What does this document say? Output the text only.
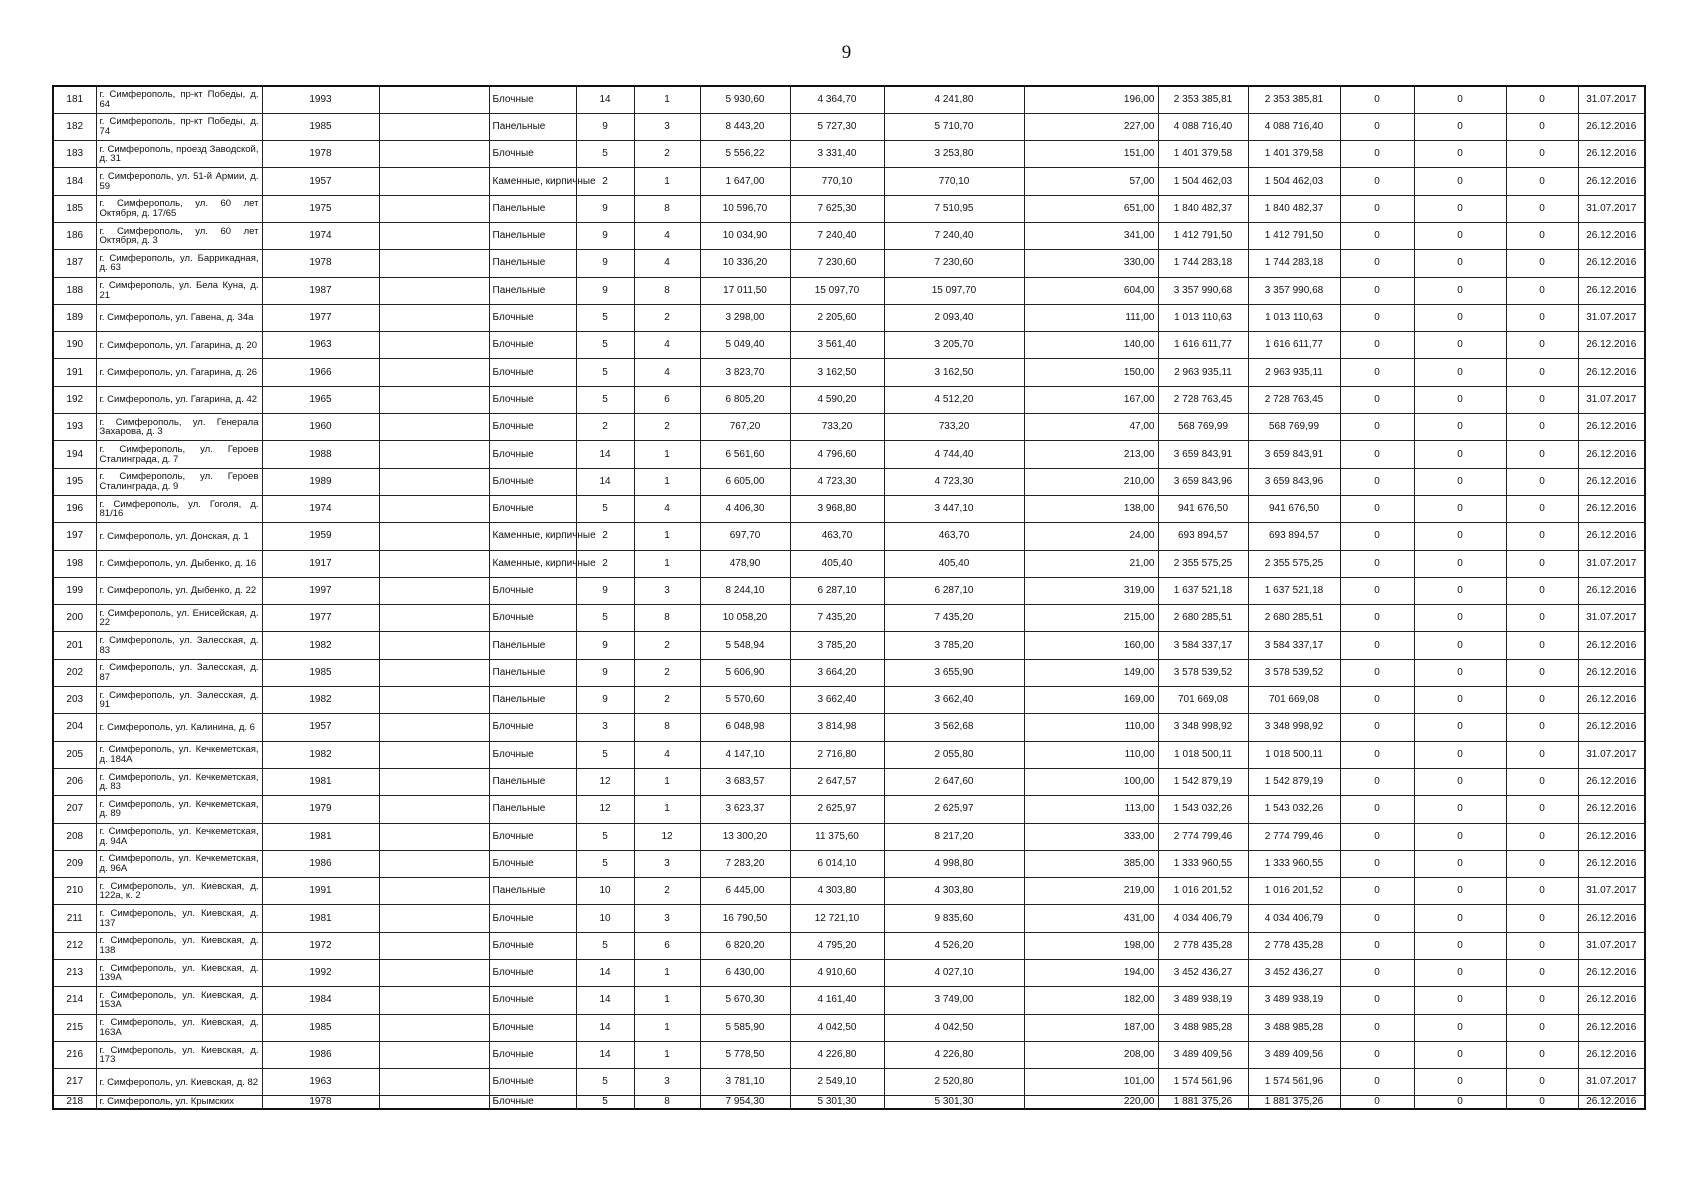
9
181	г. Симферополь, пр-кт Победы, д. 64	1993		Блочные	14	1	5 930,60	4 364,70	4 241,80	196,00	2 353 385,81	2 353 385,81	0	0	0	31.07.2017
182	г. Симферополь, пр-кт Победы, д. 74	1985		Панельные	9	3	8 443,20	5 727,30	5 710,70	227,00	4 088 716,40	4 088 716,40	0	0	0	26.12.2016
183	г. Симферополь, проезд Заводской, д. 31	1978		Блочные	5	2	5 556,22	3 331,40	3 253,80	151,00	1 401 379,58	1 401 379,58	0	0	0	26.12.2016
184	г. Симферополь, ул. 51-й Армии, д. 59	1957		Каменные, кирпичные	2	1	1 647,00	770,10	770,10	57,00	1 504 462,03	1 504 462,03	0	0	0	26.12.2016
185	г. Симферополь, ул. 60 лет Октября, д. 17/65	1975		Панельные	9	8	10 596,70	7 625,30	7 510,95	651,00	1 840 482,37	1 840 482,37	0	0	0	31.07.2017
186	г. Симферополь, ул. 60 лет Октября, д. 3	1974		Панельные	9	4	10 034,90	7 240,40	7 240,40	341,00	1 412 791,50	1 412 791,50	0	0	0	26.12.2016
187	г. Симферополь, ул. Баррикадная, д. 63	1978		Панельные	9	4	10 336,20	7 230,60	7 230,60	330,00	1 744 283,18	1 744 283,18	0	0	0	26.12.2016
188	г. Симферополь, ул. Бела Куна, д. 21	1987		Панельные	9	8	17 011,50	15 097,70	15 097,70	604,00	3 357 990,68	3 357 990,68	0	0	0	26.12.2016
189	г. Симферополь, ул. Гавена, д. 34а	1977		Блочные	5	2	3 298,00	2 205,60	2 093,40	111,00	1 013 110,63	1 013 110,63	0	0	0	31.07.2017
190	г. Симферополь, ул. Гагарина, д. 20	1963		Блочные	5	4	5 049,40	3 561,40	3 205,70	140,00	1 616 611,77	1 616 611,77	0	0	0	26.12.2016
191	г. Симферополь, ул. Гагарина, д. 26	1966		Блочные	5	4	3 823,70	3 162,50	3 162,50	150,00	2 963 935,11	2 963 935,11	0	0	0	26.12.2016
192	г. Симферополь, ул. Гагарина, д. 42	1965		Блочные	5	6	6 805,20	4 590,20	4 512,20	167,00	2 728 763,45	2 728 763,45	0	0	0	31.07.2017
193	г. Симферополь, ул. Генерала Захарова, д. 3	1960		Блочные	2	2	767,20	733,20	733,20	47,00	568 769,99	568 769,99	0	0	0	26.12.2016
194	г. Симферополь, ул. Героев Сталинграда, д. 7	1988		Блочные	14	1	6 561,60	4 796,60	4 744,40	213,00	3 659 843,91	3 659 843,91	0	0	0	26.12.2016
195	г. Симферополь, ул. Героев Сталинграда, д. 9	1989		Блочные	14	1	6 605,00	4 723,30	4 723,30	210,00	3 659 843,96	3 659 843,96	0	0	0	26.12.2016
196	г. Симферополь, ул. Гоголя, д. 81/16	1974		Блочные	5	4	4 406,30	3 968,80	3 447,10	138,00	941 676,50	941 676,50	0	0	0	26.12.2016
197	г. Симферополь, ул. Донская, д. 1	1959		Каменные, кирпичные	2	1	697,70	463,70	463,70	24,00	693 894,57	693 894,57	0	0	0	26.12.2016
198	г. Симферополь, ул. Дыбенко, д. 16	1917		Каменные, кирпичные	2	1	478,90	405,40	405,40	21,00	2 355 575,25	2 355 575,25	0	0	0	31.07.2017
199	г. Симферополь, ул. Дыбенко, д. 22	1997		Блочные	9	3	8 244,10	6 287,10	6 287,10	319,00	1 637 521,18	1 637 521,18	0	0	0	26.12.2016
200	г. Симферополь, ул. Енисейская, д. 22	1977		Блочные	5	8	10 058,20	7 435,20	7 435,20	215,00	2 680 285,51	2 680 285,51	0	0	0	31.07.2017
201	г. Симферополь, ул. Залесская, д. 83	1982		Панельные	9	2	5 548,94	3 785,20	3 785,20	160,00	3 584 337,17	3 584 337,17	0	0	0	26.12.2016
202	г. Симферополь, ул. Залесская, д. 87	1985		Панельные	9	2	5 606,90	3 664,20	3 655,90	149,00	3 578 539,52	3 578 539,52	0	0	0	26.12.2016
203	г. Симферополь, ул. Залесская, д. 91	1982		Панельные	9	2	5 570,60	3 662,40	3 662,40	169,00	701 669,08	701 669,08	0	0	0	26.12.2016
204	г. Симферополь, ул. Калинина, д. 6	1957		Блочные	3	8	6 048,98	3 814,98	3 562,68	110,00	3 348 998,92	3 348 998,92	0	0	0	26.12.2016
205	г. Симферополь, ул. Кечкеметская, д. 184А	1982		Блочные	5	4	4 147,10	2 716,80	2 055,80	110,00	1 018 500,11	1 018 500,11	0	0	0	31.07.2017
206	г. Симферополь, ул. Кечкеметская, д. 83	1981		Панельные	12	1	3 683,57	2 647,57	2 647,60	100,00	1 542 879,19	1 542 879,19	0	0	0	26.12.2016
207	г. Симферополь, ул. Кечкеметская, д. 89	1979		Панельные	12	1	3 623,37	2 625,97	2 625,97	113,00	1 543 032,26	1 543 032,26	0	0	0	26.12.2016
208	г. Симферополь, ул. Кечкеметская, д. 94А	1981		Блочные	5	12	13 300,20	11 375,60	8 217,20	333,00	2 774 799,46	2 774 799,46	0	0	0	26.12.2016
209	г. Симферополь, ул. Кечкеметская, д. 96А	1986		Блочные	5	3	7 283,20	6 014,10	4 998,80	385,00	1 333 960,55	1 333 960,55	0	0	0	26.12.2016
210	г. Симферополь, ул. Киевская, д. 122а, к. 2	1991		Панельные	10	2	6 445,00	4 303,80	4 303,80	219,00	1 016 201,52	1 016 201,52	0	0	0	31.07.2017
211	г. Симферополь, ул. Киевская, д. 137	1981		Блочные	10	3	16 790,50	12 721,10	9 835,60	431,00	4 034 406,79	4 034 406,79	0	0	0	26.12.2016
212	г. Симферополь, ул. Киевская, д. 138	1972		Блочные	5	6	6 820,20	4 795,20	4 526,20	198,00	2 778 435,28	2 778 435,28	0	0	0	31.07.2017
213	г. Симферополь, ул. Киевская, д. 139А	1992		Блочные	14	1	6 430,00	4 910,60	4 027,10	194,00	3 452 436,27	3 452 436,27	0	0	0	26.12.2016
214	г. Симферополь, ул. Киевская, д. 153А	1984		Блочные	14	1	5 670,30	4 161,40	3 749,00	182,00	3 489 938,19	3 489 938,19	0	0	0	26.12.2016
215	г. Симферополь, ул. Киевская, д. 163А	1985		Блочные	14	1	5 585,90	4 042,50	4 042,50	187,00	3 488 985,28	3 488 985,28	0	0	0	26.12.2016
216	г. Симферополь, ул. Киевская, д. 173	1986		Блочные	14	1	5 778,50	4 226,80	4 226,80	208,00	3 489 409,56	3 489 409,56	0	0	0	26.12.2016
217	г. Симферополь, ул. Киевская, д. 82	1963		Блочные	5	3	3 781,10	2 549,10	2 520,80	101,00	1 574 561,96	1 574 561,96	0	0	0	31.07.2017
218	г. Симферополь, ул. Крымских	1978		Блочные	5	8	7 954,30	5 301,30	5 301,30	220,00	1 881 375,26	1 881 375,26	0	0	0	26.12.2016
